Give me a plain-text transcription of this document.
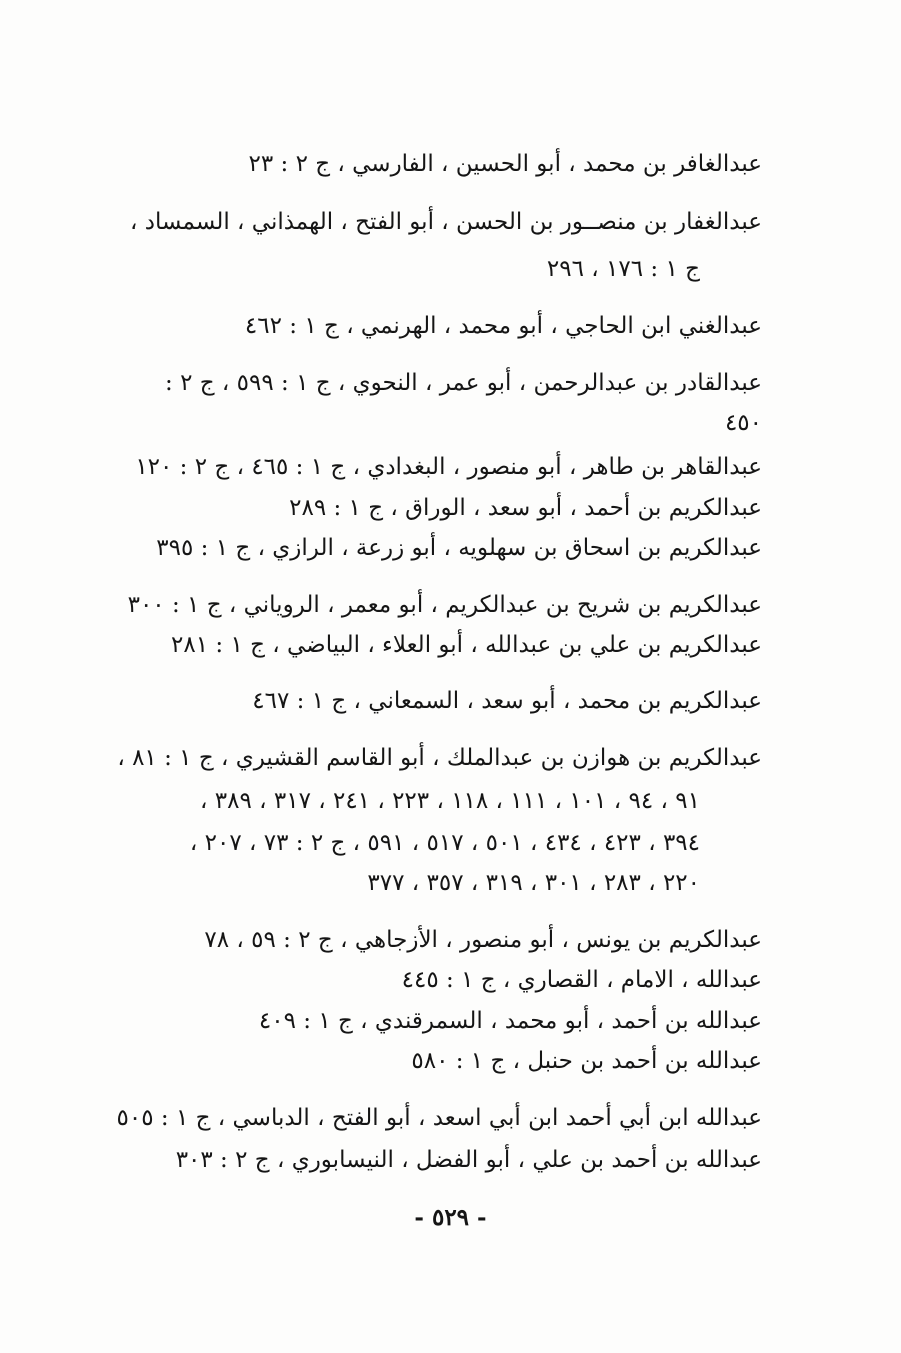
عبدالغافر بن محمد ، أبو الحسين ، الفارسي ، ج ٢ : ٢٣
عبدالغفار بن منصــور بن الحسن ، أبو الفتح ، الهمذاني ، السمساد ،
ج ١ : ١٧٦ ، ٢٩٦
عبدالغني ابن الحاجي ، أبو محمد ، الهرنمي ، ج ١ : ٤٦٢
عبدالقادر بن عبدالرحمن ، أبو عمر ، النحوي ، ج ١ : ٥٩٩ ، ج ٢ :
٤٥٠
عبدالقاهر بن طاهر ، أبو منصور ، البغدادي ، ج ١ : ٤٦٥ ، ج ٢ : ١٢٠
عبدالكريم بن أحمد ، أبو سعد ، الوراق ، ج ١ : ٢٨٩
عبدالكريم بن اسحاق بن سهلويه ، أبو زرعة ، الرازي ، ج ١ : ٣٩٥
عبدالكريم بن شريح بن عبدالكريم ، أبو معمر ، الروياني ، ج ١ : ٣٠٠
عبدالكريم بن علي بن عبدالله ، أبو العلاء ، البياضي ، ج ١ : ٢٨١
عبدالكريم بن محمد ، أبو سعد ، السمعاني ، ج ١ : ٤٦٧
عبدالكريم بن هوازن بن عبدالملك ، أبو القاسم القشيري ، ج ١ : ٨١ ،
٩١ ، ٩٤ ، ١٠١ ، ١١١ ، ١١٨ ، ٢٢٣ ، ٢٤١ ، ٣١٧ ، ٣٨٩ ،
٣٩٤ ، ٤٢٣ ، ٤٣٤ ، ٥٠١ ، ٥١٧ ، ٥٩١ ، ج ٢ : ٧٣ ، ٢٠٧ ،
٢٢٠ ، ٢٨٣ ، ٣٠١ ، ٣١٩ ، ٣٥٧ ، ٣٧٧
عبدالكريم بن يونس ، أبو منصور ، الأزجاهي ، ج ٢ : ٥٩ ، ٧٨
عبدالله ، الامام ، القصاري ، ج ١ : ٤٤٥
عبدالله بن أحمد ، أبو محمد ، السمرقندي ، ج ١ : ٤٠٩
عبدالله بن أحمد بن حنبل ، ج ١ : ٥٨٠
عبدالله ابن أبي أحمد ابن أبي اسعد ، أبو الفتح ، الدباسي ، ج ١ : ٥٠٥
عبدالله بن أحمد بن علي ، أبو الفضل ، النيسابوري ، ج ٢ : ٣٠٣
- ٥٢٩ -
